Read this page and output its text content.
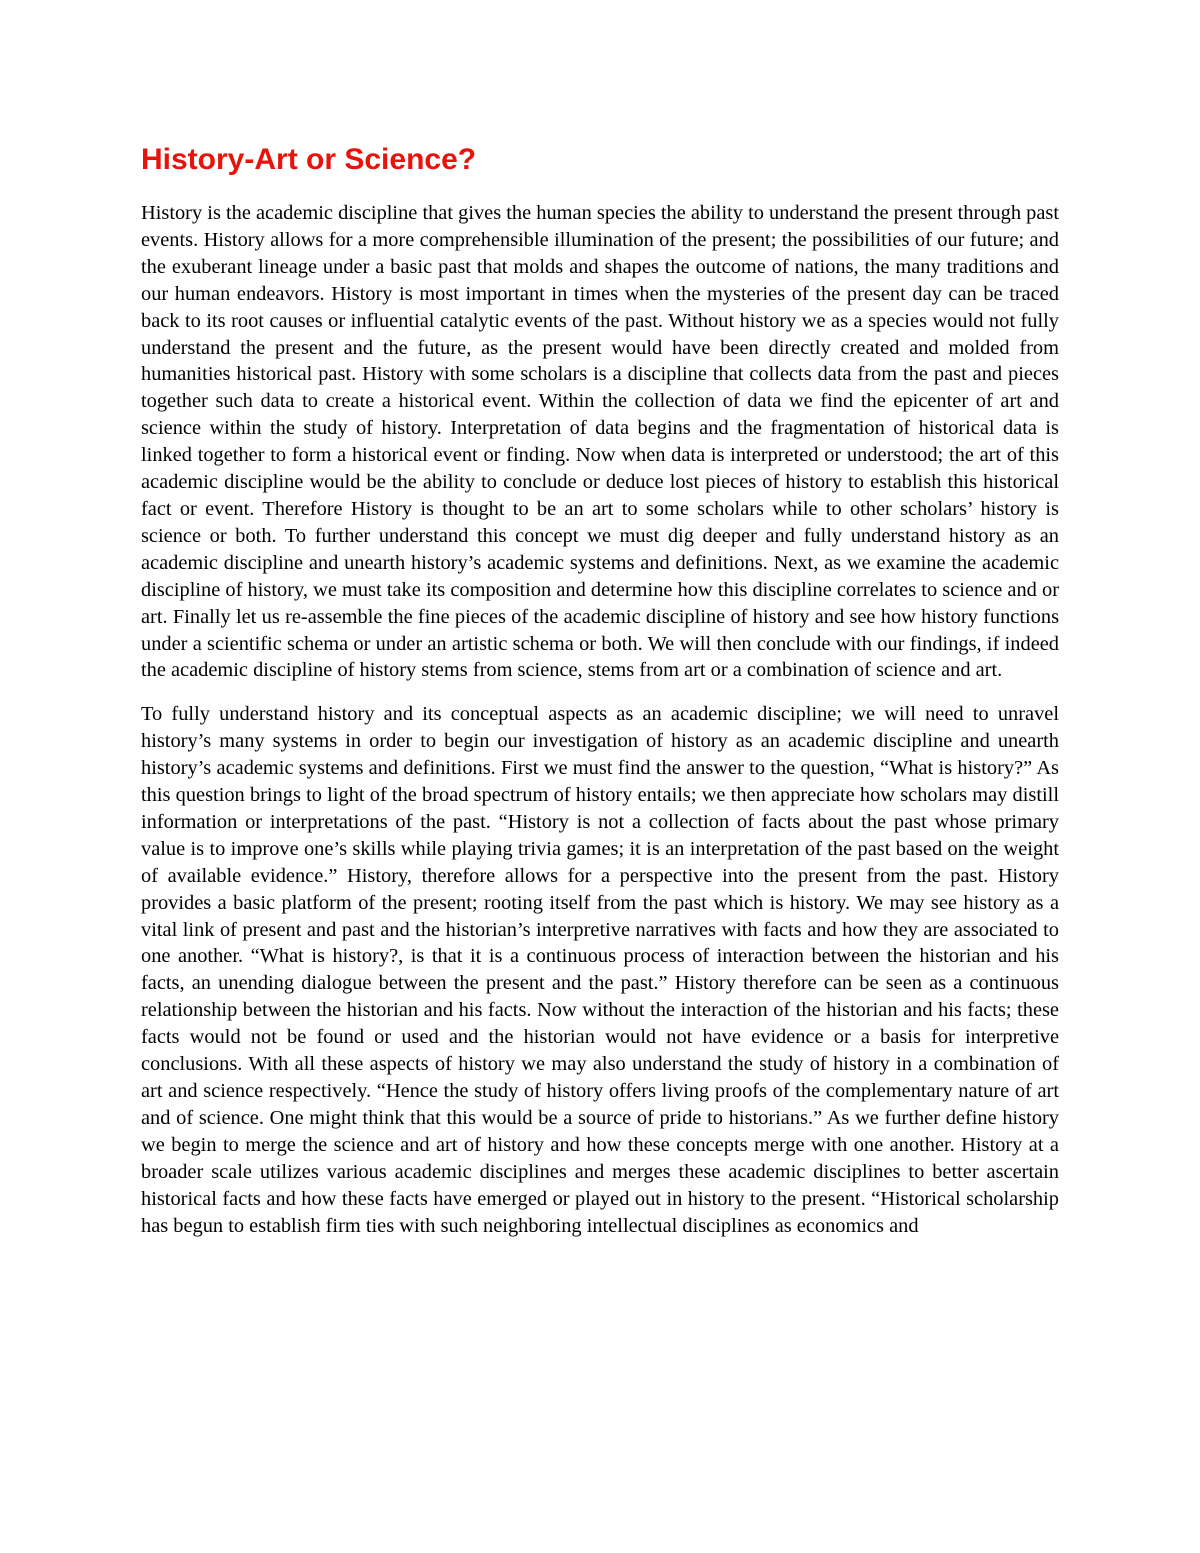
History-Art or Science?

History is the academic discipline that gives the human species the ability to understand the present through past events. History allows for a more comprehensible illumination of the present; the possibilities of our future; and the exuberant lineage under a basic past that molds and shapes the outcome of nations, the many traditions and our human endeavors. History is most important in times when the mysteries of the present day can be traced back to its root causes or influential catalytic events of the past. Without history we as a species would not fully understand the present and the future, as the present would have been directly created and molded from humanities historical past. History with some scholars is a discipline that collects data from the past and pieces together such data to create a historical event. Within the collection of data we find the epicenter of art and science within the study of history. Interpretation of data begins and the fragmentation of historical data is linked together to form a historical event or finding. Now when data is interpreted or understood; the art of this academic discipline would be the ability to conclude or deduce lost pieces of history to establish this historical fact or event. Therefore History is thought to be an art to some scholars while to other scholars’ history is science or both. To further understand this concept we must dig deeper and fully understand history as an academic discipline and unearth history’s academic systems and definitions. Next, as we examine the academic discipline of history, we must take its composition and determine how this discipline correlates to science and or art. Finally let us re-assemble the fine pieces of the academic discipline of history and see how history functions under a scientific schema or under an artistic schema or both. We will then conclude with our findings, if indeed the academic discipline of history stems from science, stems from art or a combination of science and art.

To fully understand history and its conceptual aspects as an academic discipline; we will need to unravel history’s many systems in order to begin our investigation of history as an academic discipline and unearth history’s academic systems and definitions. First we must find the answer to the question, “What is history?” As this question brings to light of the broad spectrum of history entails; we then appreciate how scholars may distill information or interpretations of the past. “History is not a collection of facts about the past whose primary value is to improve one’s skills while playing trivia games; it is an interpretation of the past based on the weight of available evidence.” History, therefore allows for a perspective into the present from the past. History provides a basic platform of the present; rooting itself from the past which is history. We may see history as a vital link of present and past and the historian’s interpretive narratives with facts and how they are associated to one another. “What is history?, is that it is a continuous process of interaction between the historian and his facts, an unending dialogue between the present and the past.” History therefore can be seen as a continuous relationship between the historian and his facts. Now without the interaction of the historian and his facts; these facts would not be found or used and the historian would not have evidence or a basis for interpretive conclusions. With all these aspects of history we may also understand the study of history in a combination of art and science respectively. “Hence the study of history offers living proofs of the complementary nature of art and of science. One might think that this would be a source of pride to historians.” As we further define history we begin to merge the science and art of history and how these concepts merge with one another. History at a broader scale utilizes various academic disciplines and merges these academic disciplines to better ascertain historical facts and how these facts have emerged or played out in history to the present. “Historical scholarship has begun to establish firm ties with such neighboring intellectual disciplines as economics and
